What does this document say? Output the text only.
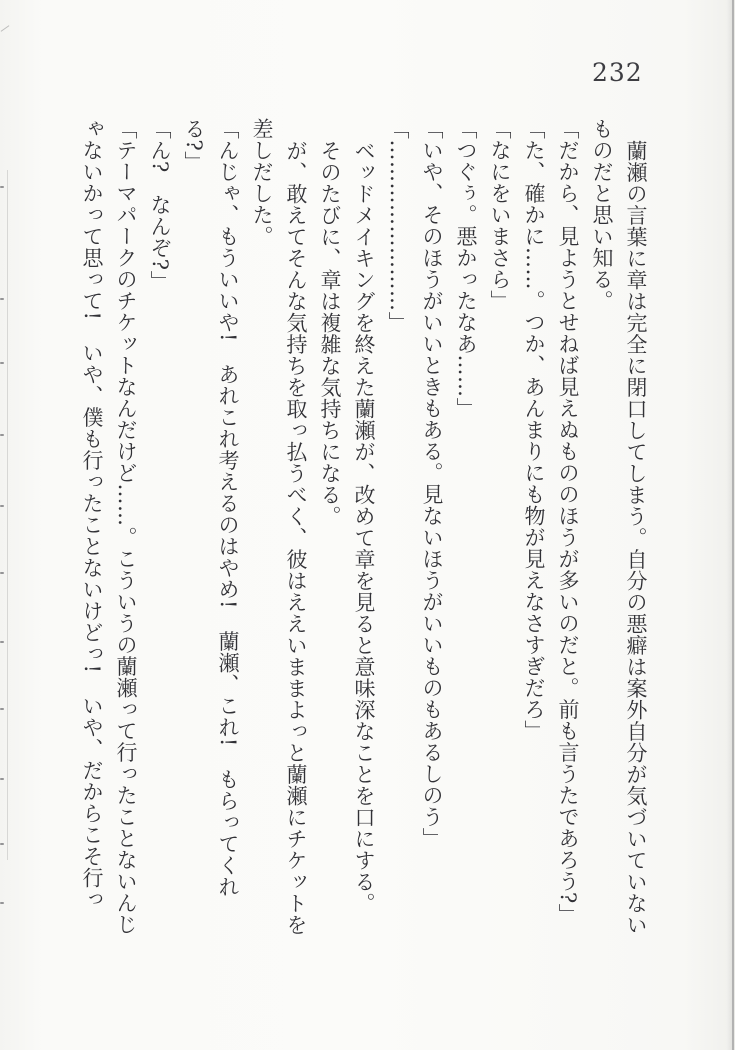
232

蘭瀬の言葉に章は完全に閉口してしまう。自分の悪癖は案外自分が気づいていない

ものだと思い知る。

「だから、見ようとせねば見えぬもののほうが多いのだと。前も言うたであろう?」

「た、確かに……。つか、あんまりにも物が見えなさすぎだろ」

「なにをいまさら」

「つぐぅ。悪かったなあ……」

「いや、そのほうがいいときもある。見ないほうがいいものもあるしのう」

「……………………」

ベッドメイキングを終えた蘭瀬が、改めて章を見ると意味深なことを口にする。

そのたびに、章は複雑な気持ちになる。

が、敢えてそんな気持ちを取っ払うべく、彼はええいままよっと蘭瀬にチケットを

差しだした。

「んじゃ、もういいや!　あれこれ考えるのはやめ!　蘭瀬、これ!　もらってくれ

る?」

「ん?　なんぞ?」

「テーマパークのチケットなんだけど……。こういうの蘭瀬って行ったことないんじ

ゃないかって思って!　いや、僕も行ったことないけどっ!　いや、だからこそ行っ
